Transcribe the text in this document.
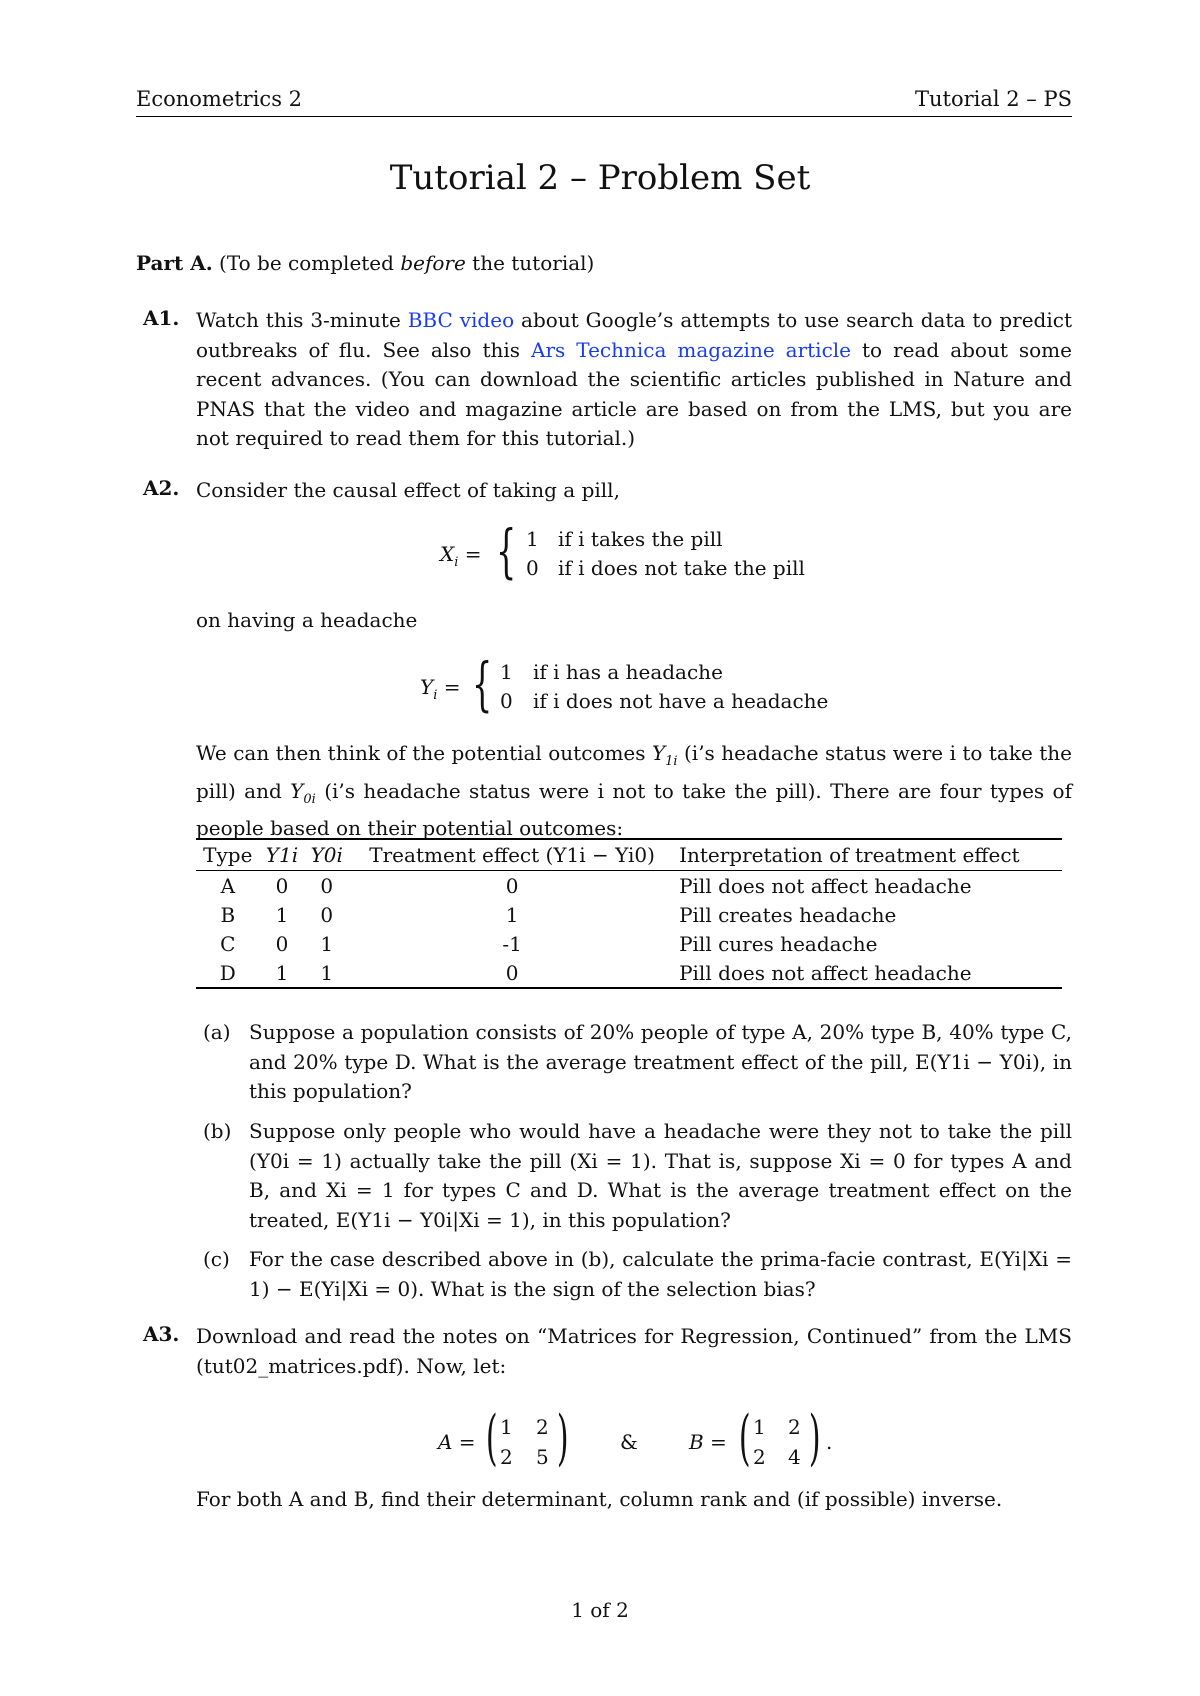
Econometrics 2	Tutorial 2 – PS
Tutorial 2 – Problem Set
Part A. (To be completed before the tutorial)
A1. Watch this 3-minute BBC video about Google’s attempts to use search data to predict outbreaks of flu. See also this Ars Technica magazine article to read about some recent advances. (You can download the scientific articles published in Nature and PNAS that the video and magazine article are based on from the LMS, but you are not required to read them for this tutorial.)
A2. Consider the causal effect of taking a pill,
$X_i$ = { 1 if i takes the pill
0 if i does not take the pill
on having a headache
$Y_i$ = { 1 if i has a headache
0 if i does not have a headache
We can then think of the potential outcomes $Y_{1i}$ (i’s headache status were i to take the pill) and $Y_{0i}$ (i’s headache status were i not to take the pill). There are four types of people based on their potential outcomes:
Type	Y1i	Y0i	Treatment effect (Y1i − Yi0)	Interpretation of treatment effect
A	0	0	0	Pill does not affect headache
B	1	0	1	Pill creates headache
C	0	1	-1	Pill cures headache
D	1	1	0	Pill does not affect headache
(a) Suppose a population consists of 20% people of type A, 20% type B, 40% type C, and 20% type D. What is the average treatment effect of the pill, E(Y1i − Y0i), in this population?
(b) Suppose only people who would have a headache were they not to take the pill (Y0i = 1) actually take the pill (Xi = 1). That is, suppose Xi = 0 for types A and B, and Xi = 1 for types C and D. What is the average treatment effect on the treated, E(Y1i − Y0i|Xi = 1), in this population?
(c) For the case described above in (b), calculate the prima-facie contrast, E(Yi|Xi = 1) − E(Yi|Xi = 0). What is the sign of the selection bias?
A3. Download and read the notes on “Matrices for Regression, Continued” from the LMS (tut02_matrices.pdf). Now, let:
A = ( 1 2
2 5 )	&	B = ( 1 2
2 4 ) .
For both A and B, find their determinant, column rank and (if possible) inverse.
1 of 2
